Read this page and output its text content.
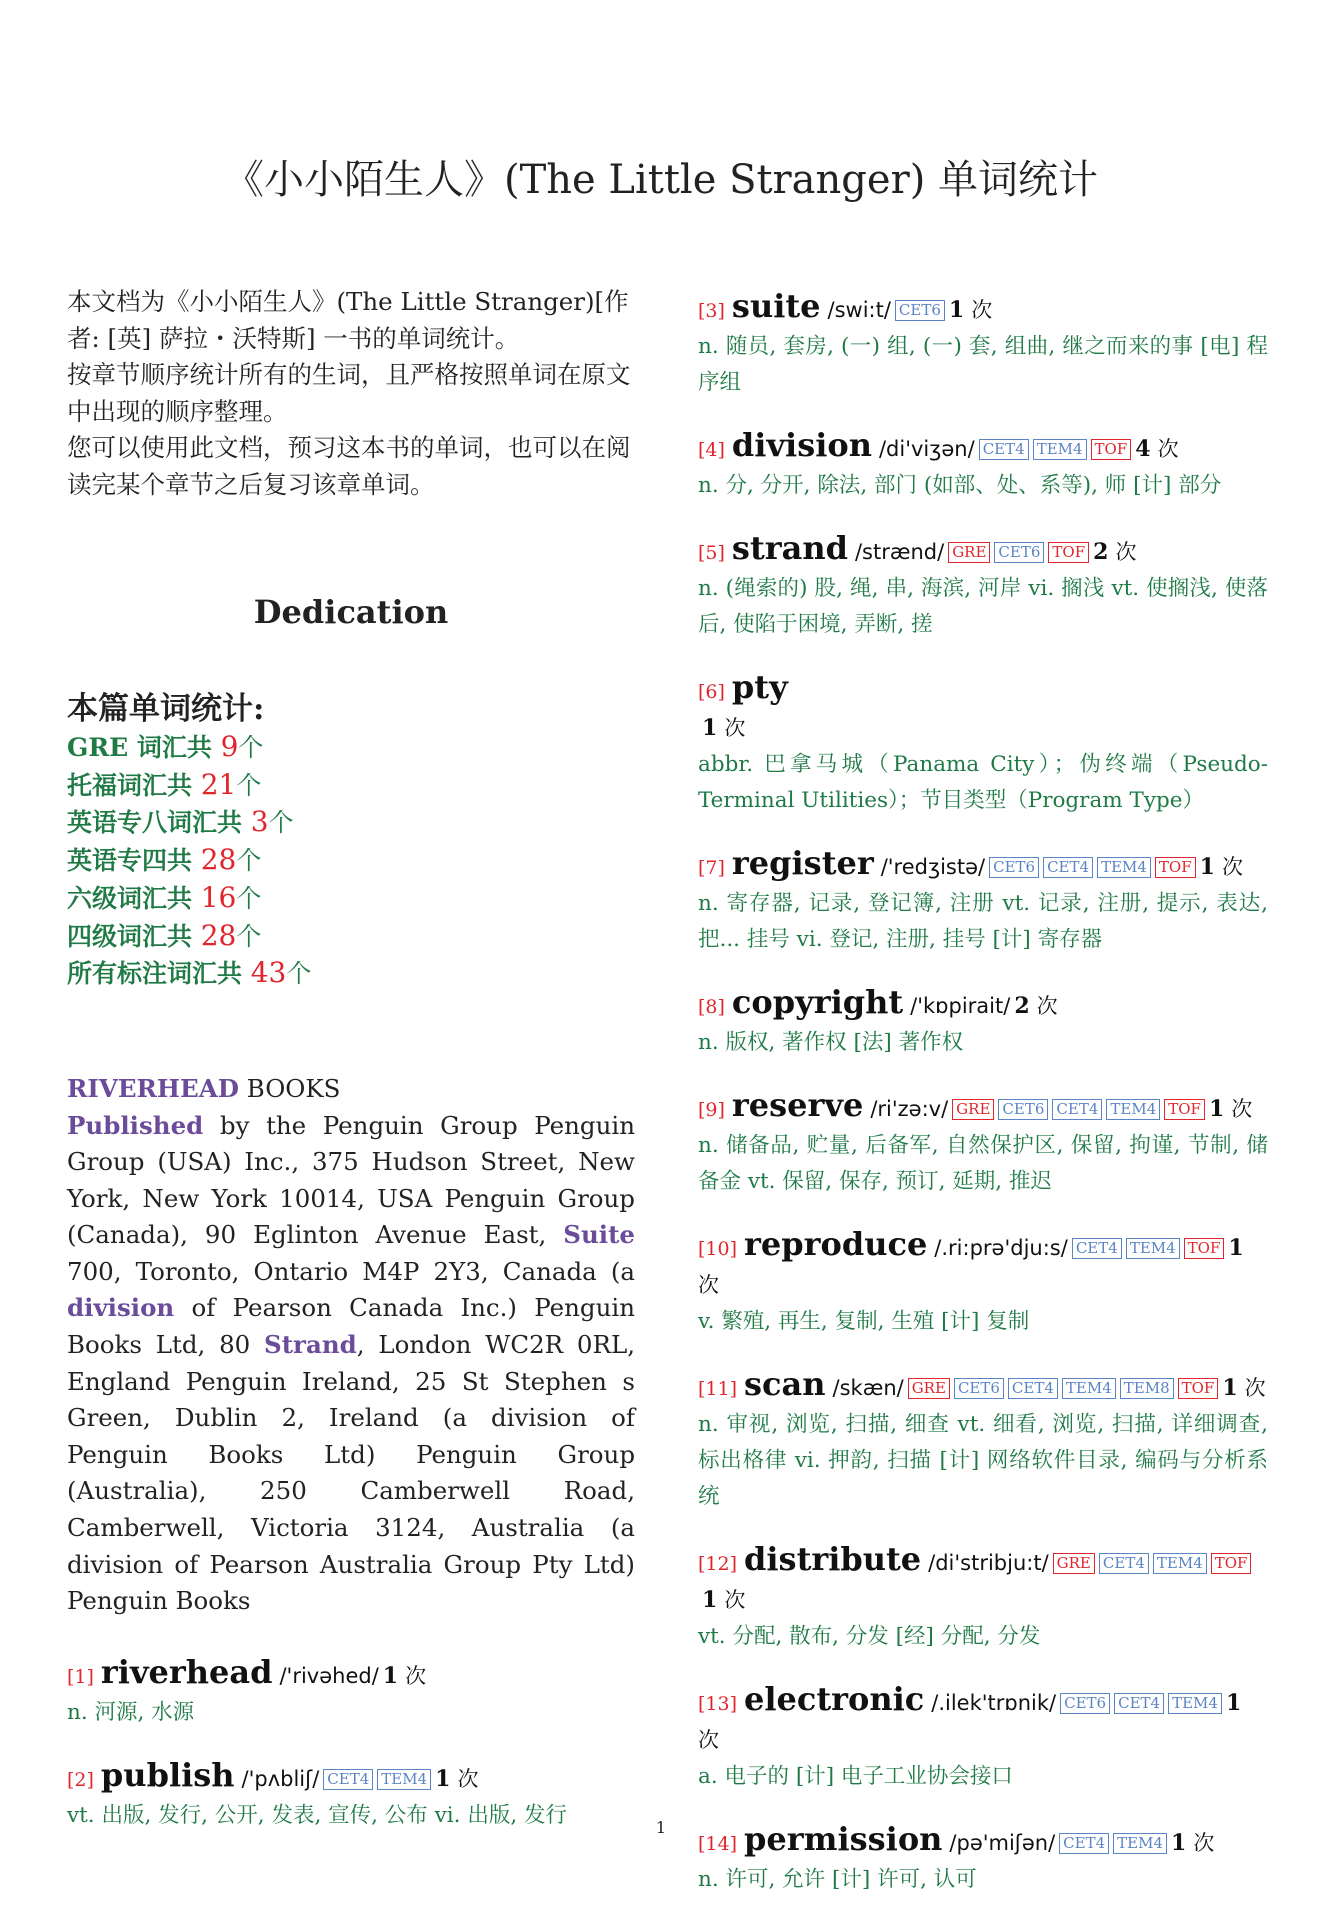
《小小陌生人》(The Little Stranger) 单词统计

本文档为《小小陌生人》(The Little Stranger)[作者: [英] 萨拉・沃特斯] 一书的单词统计。

按章节顺序统计所有的生词，且严格按照单词在原文中出现的顺序整理。

您可以使用此文档，预习这本书的单词，也可以在阅读完某个章节之后复习该章单词。

Dedication
本篇单词统计:
GRE 词汇共 9个
托福词汇共 21个
英语专八词汇共 3个
英语专四共 28个
六级词汇共 16个
四级词汇共 28个
所有标注词汇共 43个
RIVERHEAD BOOKS
Published by the Penguin Group Penguin Group (USA) Inc., 375 Hudson Street, New York, New York 10014, USA Penguin Group (Canada), 90 Eglinton Avenue East, Suite 700, Toronto, Ontario M4P 2Y3, Canada (a division of Pearson Canada Inc.) Penguin Books Ltd, 80 Strand, London WC2R 0RL, England Penguin Ireland, 25 St Stephen s Green, Dublin 2, Ireland (a division of Penguin Books Ltd) Penguin Group (Australia), 250 Camberwell Road, Camberwell, Victoria 3124, Australia (a division of Pearson Australia Group Pty Ltd) Penguin Books
[1] riverhead /'rivəhed/ 1 次
n. 河源, 水源
[2] publish /'pʌbliʃ/ CET4 TEM4 1 次
vt. 出版, 发行, 公开, 发表, 宣传, 公布 vi. 出版, 发行
[3] suite /swi:t/ CET6 1 次
n. 随员, 套房, (一) 组, (一) 套, 组曲, 继之而来的事 [电] 程序组
[4] division /di'viʒən/ CET4 TEM4 TOF 4 次
n. 分, 分开, 除法, 部门 (如部、处、系等), 师 [计] 部分
[5] strand /strænd/ GRE CET6 TOF 2 次
n. (绳索的) 股, 绳, 串, 海滨, 河岸 vi. 搁浅 vt. 使搁浅, 使落后, 使陷于困境, 弄断, 搓
[6] pty
1 次
abbr. 巴拿马城（Panama City）；伪终端（Pseudo-Terminal Utilities）；节目类型（Program Type）
[7] register /'redʒistə/ CET6 CET4 TEM4 TOF 1 次
n. 寄存器, 记录, 登记簿, 注册 vt. 记录, 注册, 提示, 表达, 把... 挂号 vi. 登记, 注册, 挂号 [计] 寄存器
[8] copyright /'kɒpirait/ 2 次
n. 版权, 著作权 [法] 著作权
[9] reserve /ri'zə:v/ GRE CET6 CET4 TEM4 TOF 1 次
n. 储备品, 贮量, 后备军, 自然保护区, 保留, 拘谨, 节制, 储备金 vt. 保留, 保存, 预订, 延期, 推迟
[10] reproduce /.ri:prə'dju:s/ CET4 TEM4 TOF 1 次
v. 繁殖, 再生, 复制, 生殖 [计] 复制
[11] scan /skæn/ GRE CET6 CET4 TEM4 TEM8 TOF 1 次
n. 审视, 浏览, 扫描, 细查 vt. 细看, 浏览, 扫描, 详细调查, 标出格律 vi. 押韵, 扫描 [计] 网络软件目录, 编码与分析系统
[12] distribute /di'stribju:t/ GRE CET4 TEM4 TOF1 次
vt. 分配, 散布, 分发 [经] 分配, 分发
[13] electronic /.ilek'trɒnik/ CET6 CET4 TEM4 1 次
a. 电子的 [计] 电子工业协会接口
[14] permission /pə'miʃən/ CET4 TEM4 1 次
n. 许可, 允许 [计] 许可, 认可
1
